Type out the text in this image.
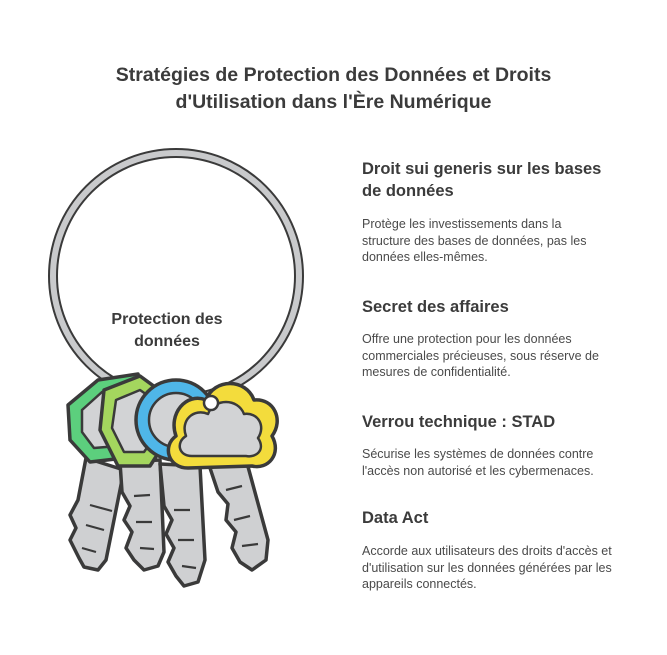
Stratégies de Protection des Données et Droits
d'Utilisation dans l'Ère Numérique
Protection des
données
Droit sui generis sur les bases
de données

Protège les investissements dans la
structure des bases de données, pas les
données elles-mêmes.

Secret des affaires

Offre une protection pour les données
commerciales précieuses, sous réserve de
mesures de confidentialité.

Verrou technique : STAD

Sécurise les systèmes de données contre
l'accès non autorisé et les cybermenaces.

Data Act

Accorde aux utilisateurs des droits d'accès et
d'utilisation sur les données générées par les
appareils connectés.
